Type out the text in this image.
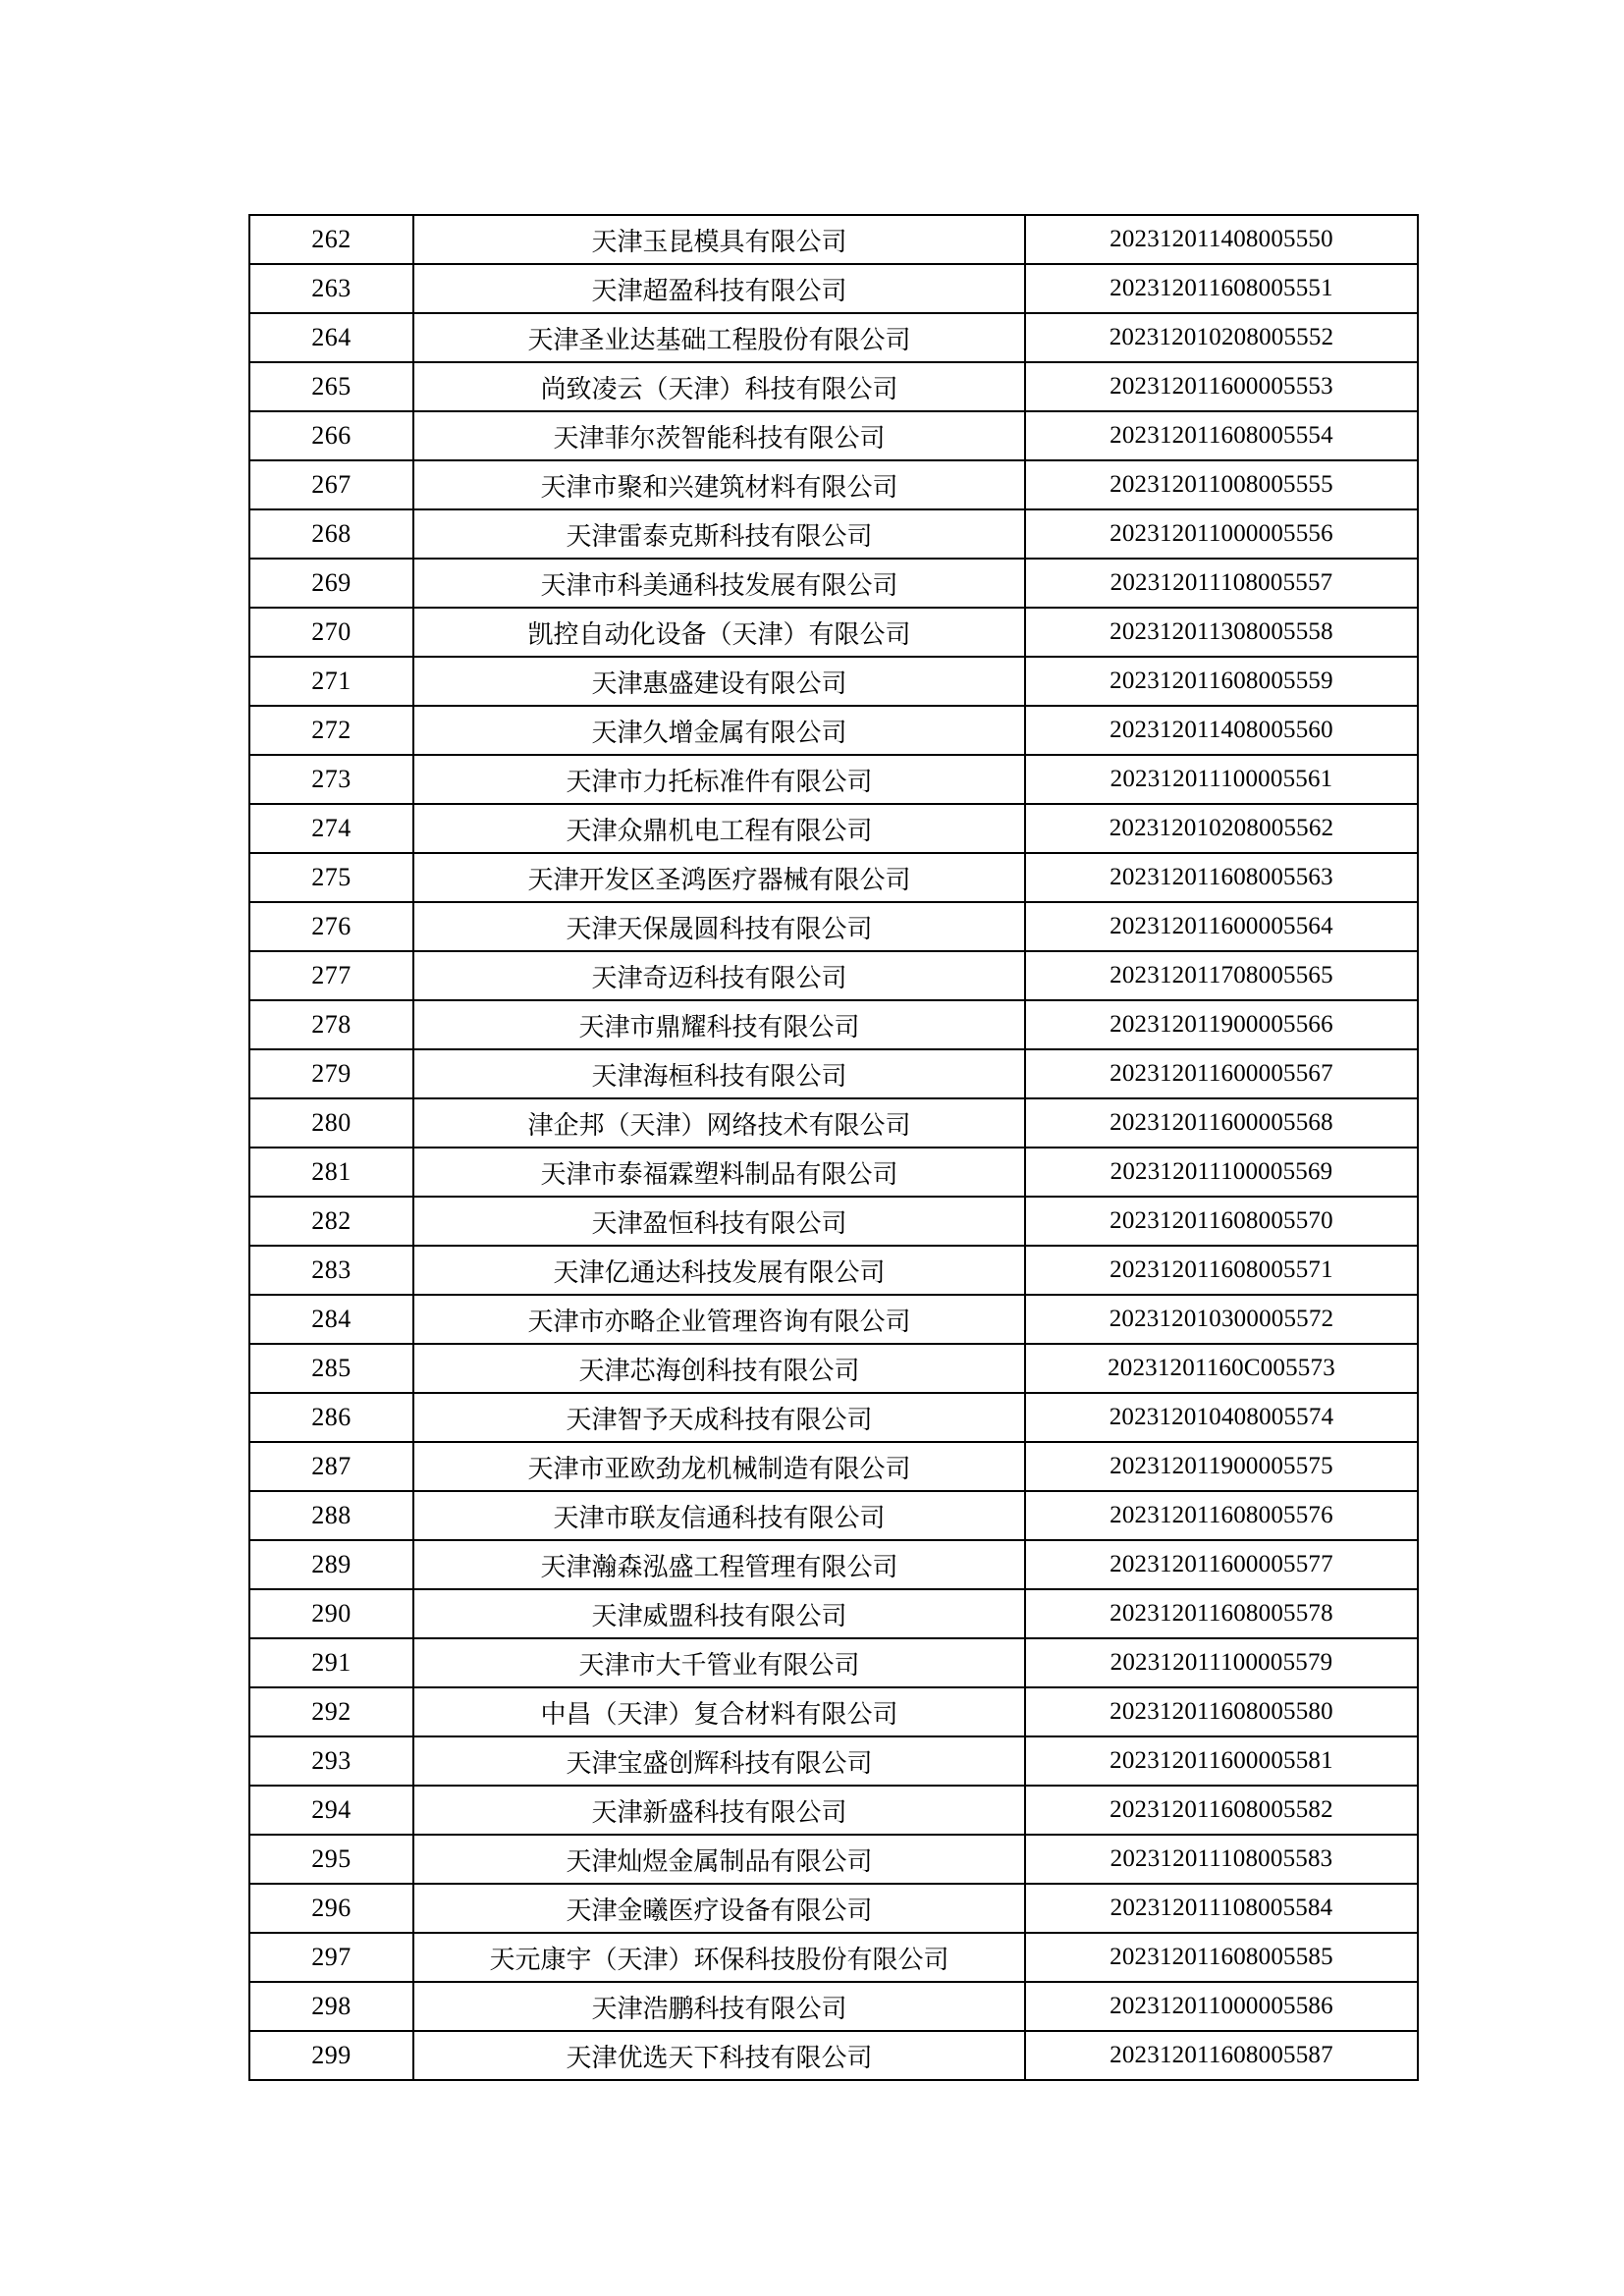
262	天津玉昆模具有限公司	202312011408005550
263	天津超盈科技有限公司	202312011608005551
264	天津圣业达基础工程股份有限公司	202312010208005552
265	尚致凌云（天津）科技有限公司	202312011600005553
266	天津菲尔茨智能科技有限公司	202312011608005554
267	天津市聚和兴建筑材料有限公司	202312011008005555
268	天津雷泰克斯科技有限公司	202312011000005556
269	天津市科美通科技发展有限公司	202312011108005557
270	凯控自动化设备（天津）有限公司	202312011308005558
271	天津惠盛建设有限公司	202312011608005559
272	天津久增金属有限公司	202312011408005560
273	天津市力托标准件有限公司	202312011100005561
274	天津众鼎机电工程有限公司	202312010208005562
275	天津开发区圣鸿医疗器械有限公司	202312011608005563
276	天津天保晟圆科技有限公司	202312011600005564
277	天津奇迈科技有限公司	202312011708005565
278	天津市鼎耀科技有限公司	202312011900005566
279	天津海桓科技有限公司	202312011600005567
280	津企邦（天津）网络技术有限公司	202312011600005568
281	天津市泰福霖塑料制品有限公司	202312011100005569
282	天津盈恒科技有限公司	202312011608005570
283	天津亿通达科技发展有限公司	202312011608005571
284	天津市亦略企业管理咨询有限公司	202312010300005572
285	天津芯海创科技有限公司	20231201160C005573
286	天津智予天成科技有限公司	202312010408005574
287	天津市亚欧劲龙机械制造有限公司	202312011900005575
288	天津市联友信通科技有限公司	202312011608005576
289	天津瀚森泓盛工程管理有限公司	202312011600005577
290	天津威盟科技有限公司	202312011608005578
291	天津市大千管业有限公司	202312011100005579
292	中昌（天津）复合材料有限公司	202312011608005580
293	天津宝盛创辉科技有限公司	202312011600005581
294	天津新盛科技有限公司	202312011608005582
295	天津灿煜金属制品有限公司	202312011108005583
296	天津金曦医疗设备有限公司	202312011108005584
297	天元康宇（天津）环保科技股份有限公司	202312011608005585
298	天津浩鹏科技有限公司	202312011000005586
299	天津优选天下科技有限公司	202312011608005587
